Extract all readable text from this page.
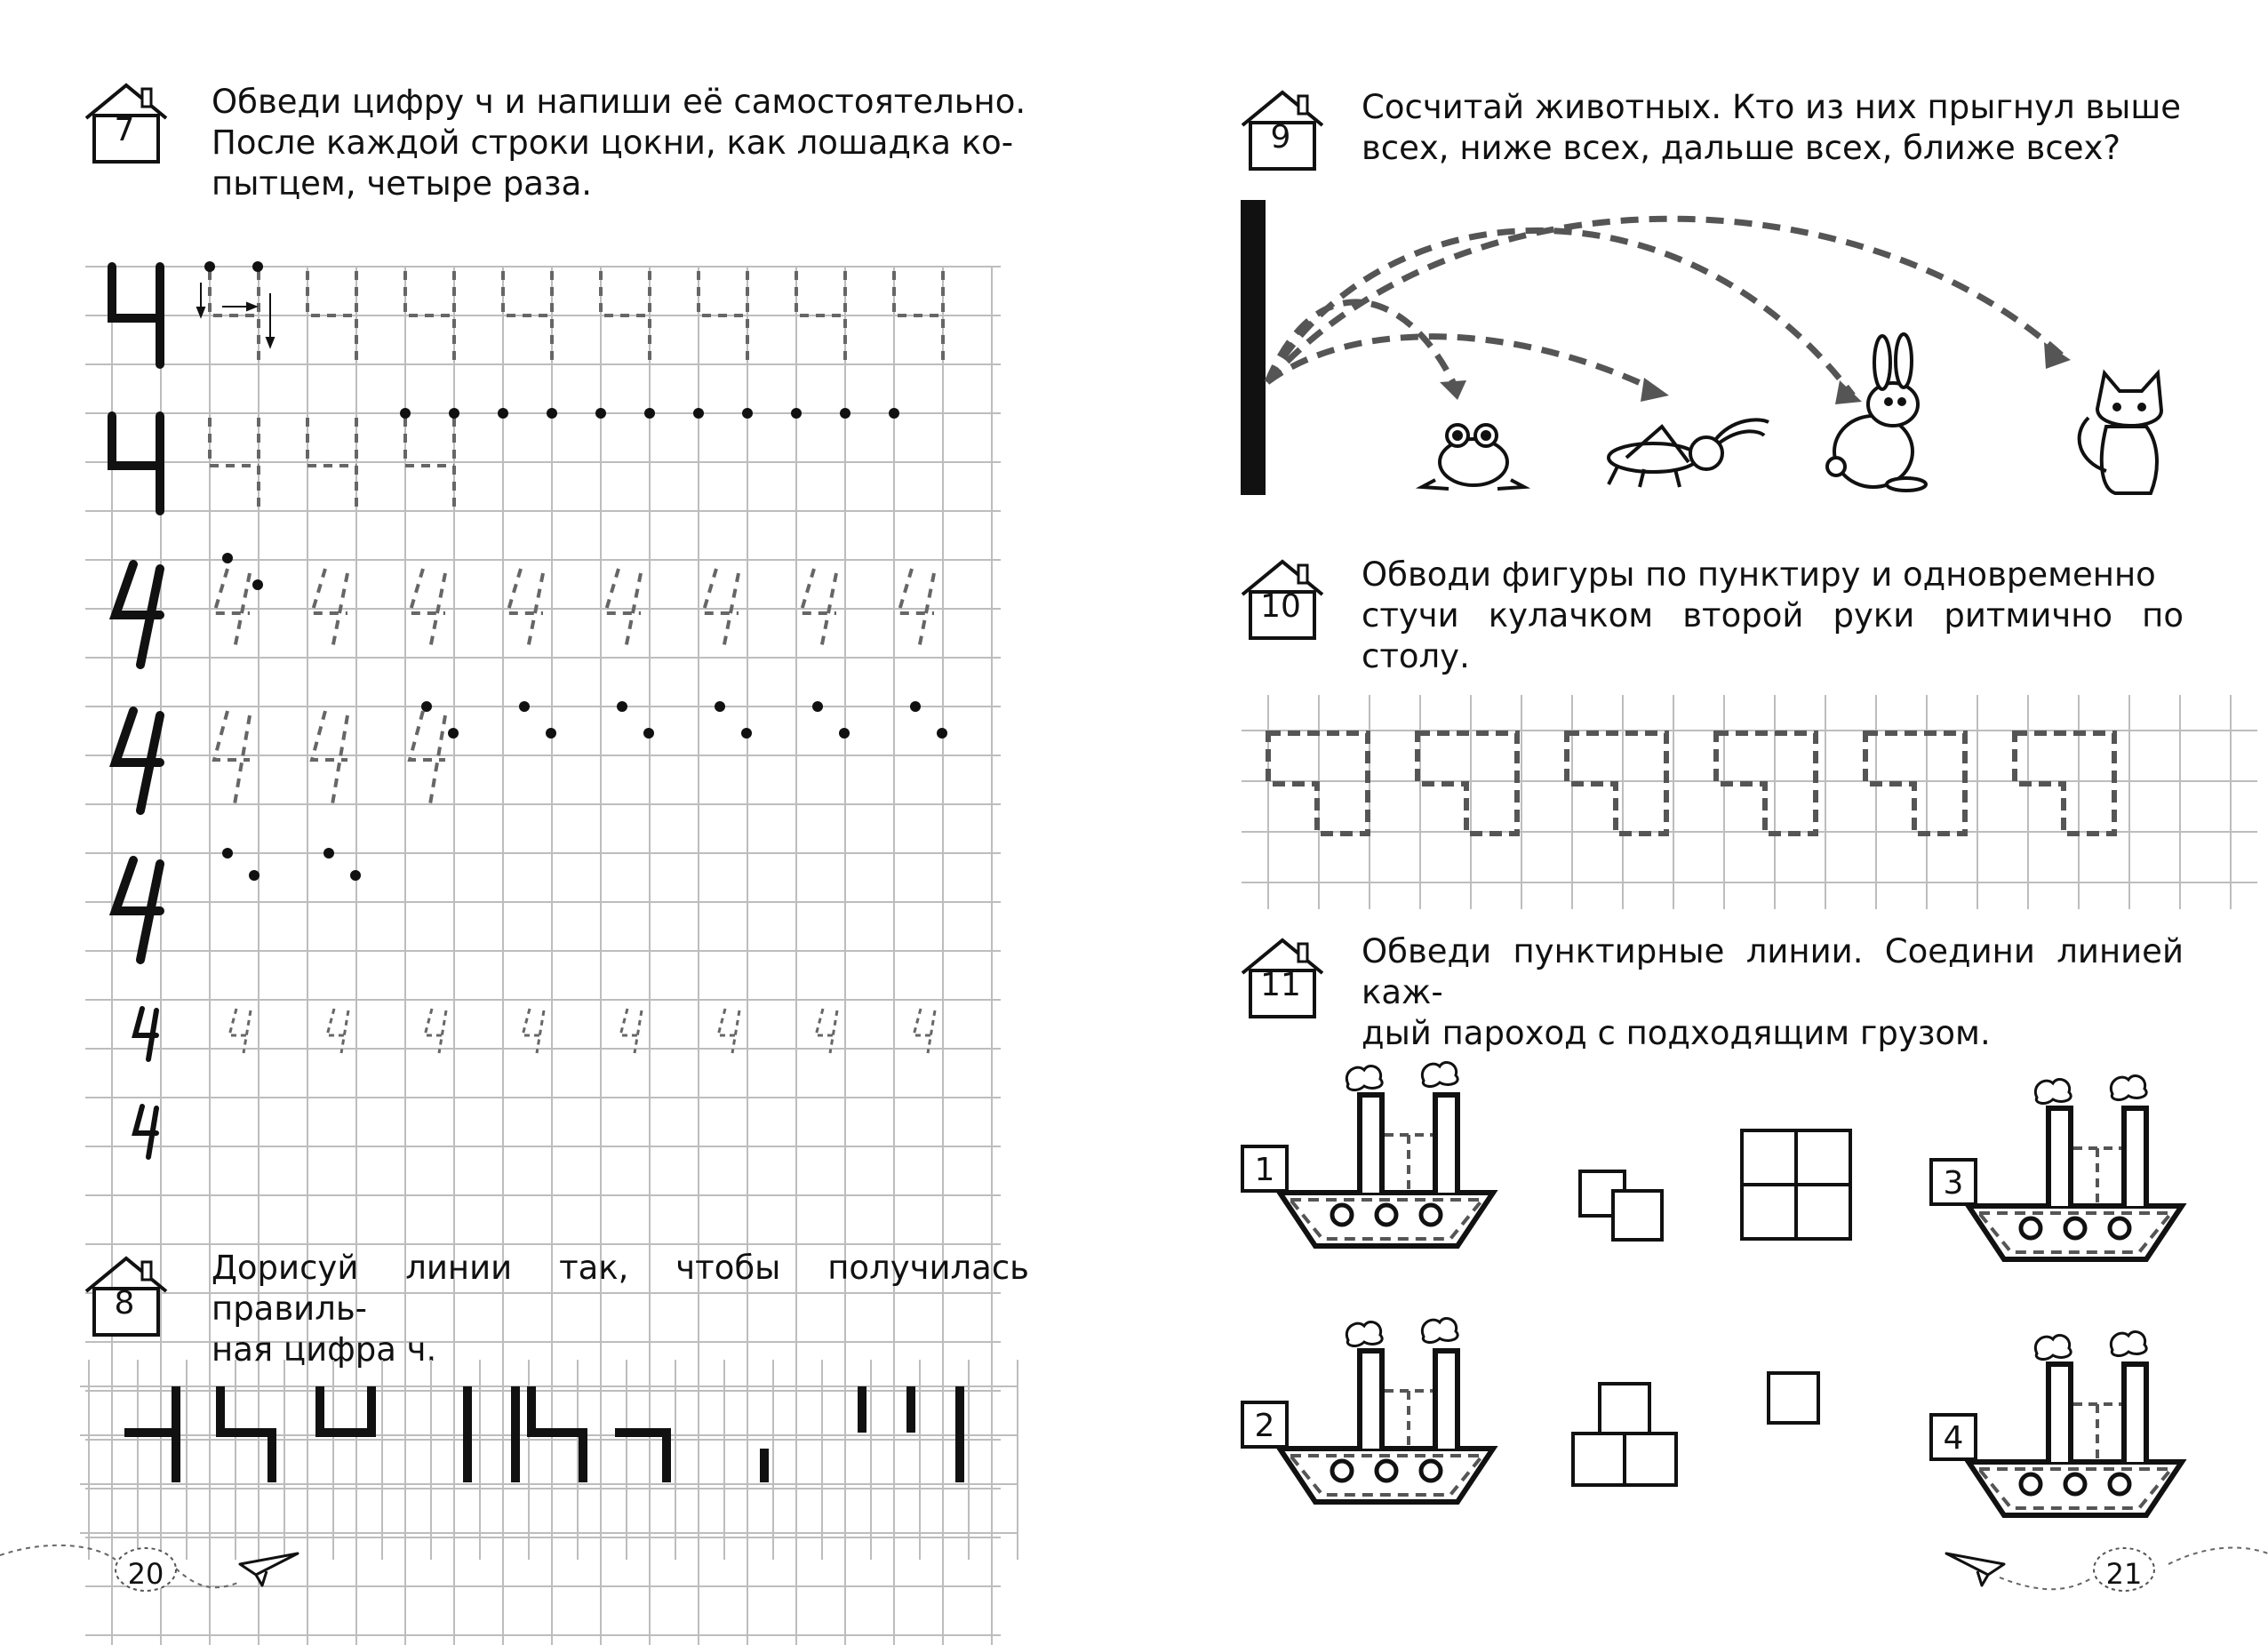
7
Обведи цифру ч и напиши её самостоятельно.
После каждой строки цокни, как лошадка ко-
пытцем, четыре раза.
8
Дорисуй линии так, чтобы получилась правиль-
ная цифра ч.
20
9
Сосчитай животных. Кто из них прыгнул выше
всех, ниже всех, дальше всех, ближе всех?
10
Обводи фигуры по пунктиру и одновременно
стучи кулачком второй руки ритмично по столу.
11
Обведи пунктирные линии. Соедини линией каж-
дый пароход с подходящим грузом.
1
2
3
4
21
